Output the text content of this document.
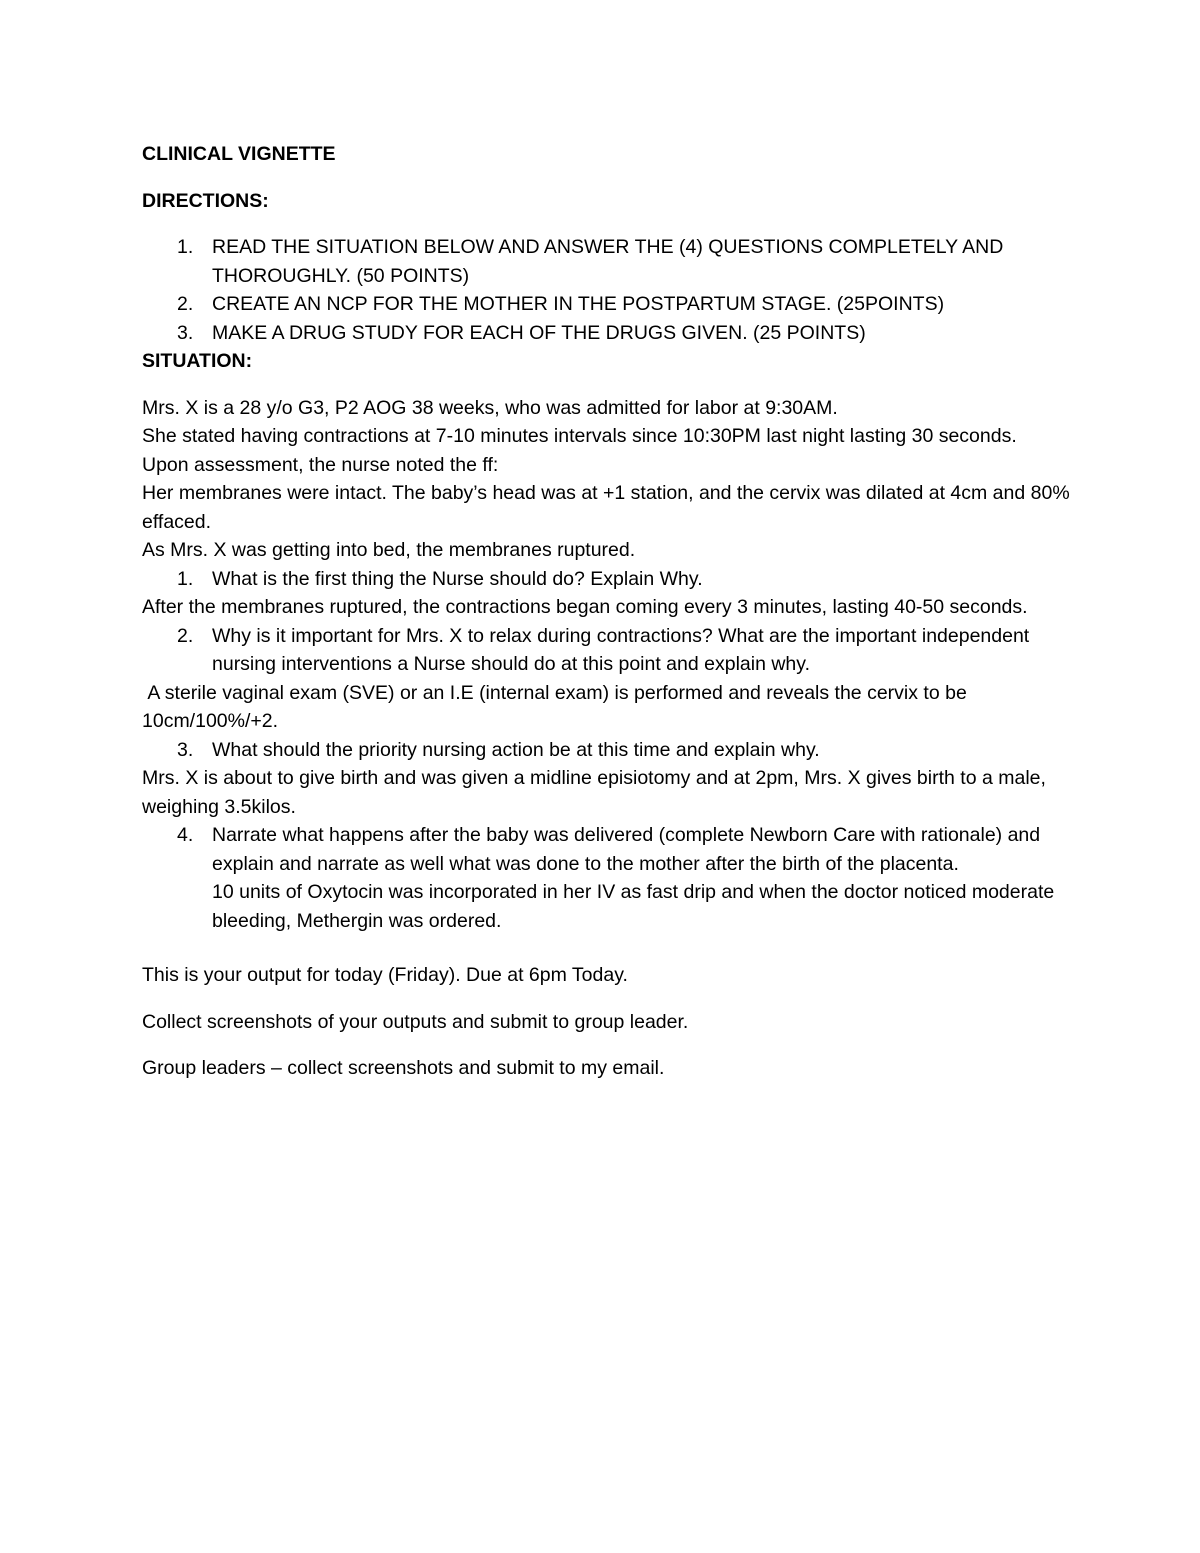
CLINICAL VIGNETTE

DIRECTIONS:

1. READ THE SITUATION BELOW AND ANSWER THE (4) QUESTIONS COMPLETELY AND THOROUGHLY. (50 POINTS)
2. CREATE AN NCP FOR THE MOTHER IN THE POSTPARTUM STAGE. (25POINTS)
3. MAKE A DRUG STUDY FOR EACH OF THE DRUGS GIVEN. (25 POINTS)

SITUATION:

Mrs. X is a 28 y/o G3, P2 AOG 38 weeks, who was admitted for labor at 9:30AM.

She stated having contractions at 7-10 minutes intervals since 10:30PM last night lasting 30 seconds.

Upon assessment, the nurse noted the ff:

Her membranes were intact. The baby’s head was at +1 station, and the cervix was dilated at 4cm and 80% effaced.

As Mrs. X was getting into bed, the membranes ruptured.

1. What is the first thing the Nurse should do? Explain Why.

After the membranes ruptured, the contractions began coming every 3 minutes, lasting 40-50 seconds.

2. Why is it important for Mrs. X to relax during contractions? What are the important independent nursing interventions a Nurse should do at this point and explain why.

A sterile vaginal exam (SVE) or an I.E (internal exam) is performed and reveals the cervix to be 10cm/100%/+2.

3. What should the priority nursing action be at this time and explain why.

Mrs. X is about to give birth and was given a midline episiotomy and at 2pm, Mrs. X gives birth to a male, weighing 3.5kilos.

4. Narrate what happens after the baby was delivered (complete Newborn Care with rationale) and explain and narrate as well what was done to the mother after the birth of the placenta.
10 units of Oxytocin was incorporated in her IV as fast drip and when the doctor noticed moderate bleeding, Methergin was ordered.

This is your output for today (Friday). Due at 6pm Today.

Collect screenshots of your outputs and submit to group leader.

Group leaders – collect screenshots and submit to my email.
